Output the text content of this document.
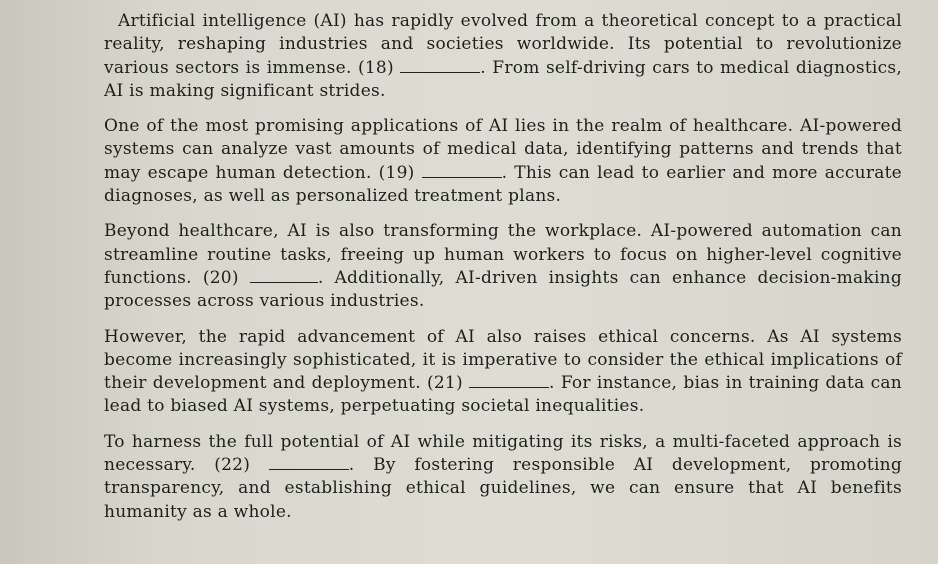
Artificial intelligence (AI) has rapidly evolved from a theoretical concept to a practical reality, reshaping industries and societies worldwide. Its potential to revolutionize various sectors is immense. (18)	. From self-driving cars to medical diagnostics, AI is making significant strides.

One of the most promising applications of AI lies in the realm of healthcare. AI-powered systems can analyze vast amounts of medical data, identifying patterns and trends that may escape human detection. (19)	. This can lead to earlier and more accurate diagnoses, as well as personalized treatment plans.

Beyond healthcare, AI is also transforming the workplace. AI-powered automation can streamline routine tasks, freeing up human workers to focus on higher-level cognitive functions. (20)	. Additionally, AI-driven insights can enhance decision-making processes across various industries.

However, the rapid advancement of AI also raises ethical concerns. As AI systems become increasingly sophisticated, it is imperative to consider the ethical implications of their development and deployment. (21)	. For instance, bias in training data can lead to biased AI systems, perpetuating societal inequalities.

To harness the full potential of AI while mitigating its risks, a multi-faceted approach is necessary. (22)	. By fostering responsible AI development, promoting transparency, and establishing ethical guidelines, we can ensure that AI benefits humanity as a whole.
